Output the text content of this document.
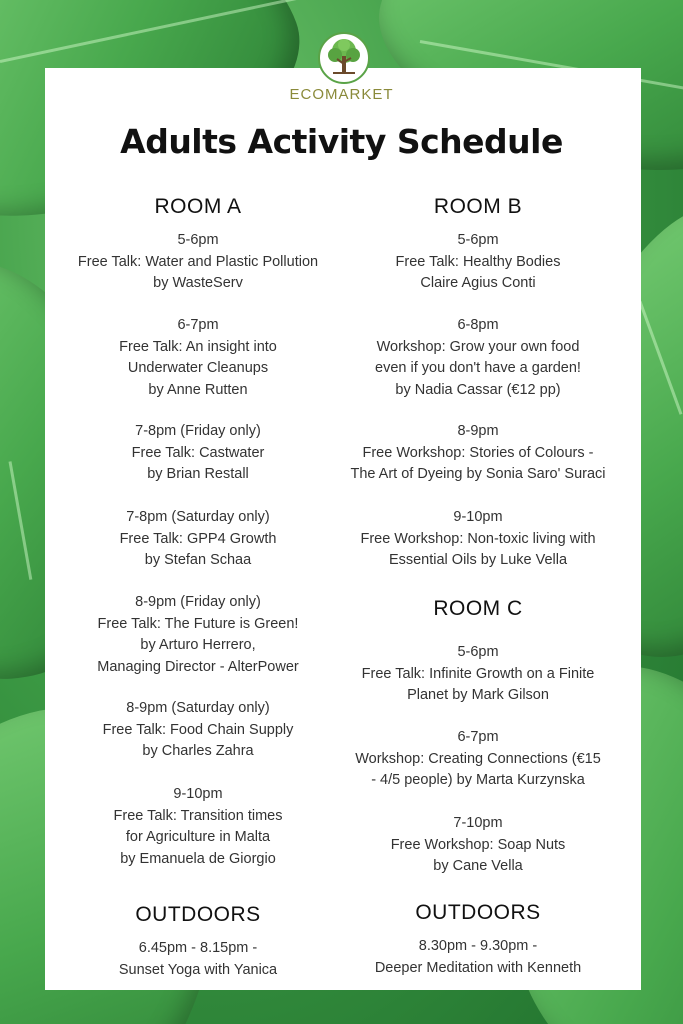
ECOMARKET
Adults Activity Schedule
ROOM A
5-6pm
Free Talk: Water and Plastic Pollution
by WasteServ
6-7pm
Free Talk: An insight into
Underwater Cleanups
by Anne Rutten
7-8pm (Friday only)
Free Talk: Castwater
by Brian Restall
7-8pm (Saturday only)
Free Talk: GPP4 Growth
by Stefan Schaa
8-9pm (Friday only)
Free Talk: The Future is Green!
by Arturo Herrero,
Managing Director - AlterPower
8-9pm (Saturday only)
Free Talk: Food Chain Supply
by Charles Zahra
9-10pm
Free Talk: Transition times
for Agriculture in Malta
by Emanuela de Giorgio
OUTDOORS
6.45pm - 8.15pm -
Sunset Yoga with Yanica
ROOM B
5-6pm
Free Talk: Healthy Bodies
Claire Agius Conti
6-8pm
Workshop: Grow your own food
even if you don't have a garden!
by Nadia Cassar (€12 pp)
8-9pm
Free Workshop: Stories of Colours -
The Art of Dyeing by Sonia Saro' Suraci
9-10pm
Free Workshop: Non-toxic living with
Essential Oils by Luke Vella
ROOM C
5-6pm
Free Talk: Infinite Growth on a Finite
Planet by Mark Gilson
6-7pm
Workshop: Creating Connections (€15
- 4/5 people) by Marta Kurzynska
7-10pm
Free Workshop: Soap Nuts
by Cane Vella
OUTDOORS
8.30pm - 9.30pm -
Deeper Meditation with Kenneth
